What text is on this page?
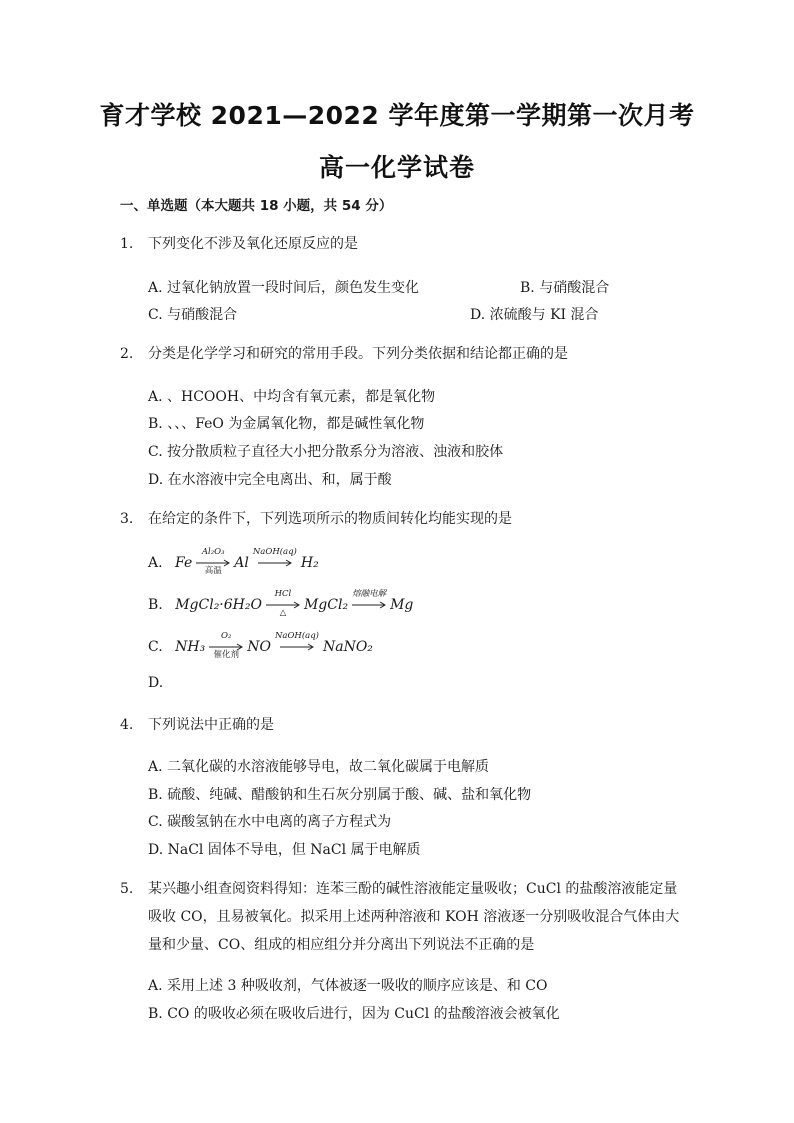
育才学校 2021—2022 学年度第一学期第一次月考
高一化学试卷
一、单选题（本大题共 18 小题，共 54 分）
1.	下列变化不涉及氧化还原反应的是
A. 过氧化钠放置一段时间后，颜色发生变化	B. 与硝酸混合
C. 与硝酸混合	D. 浓硫酸与 KI 混合
2.	分类是化学学习和研究的常用手段。下列分类依据和结论都正确的是
A. 、HCOOH、中均含有氧元素，都是氧化物
B. 、、、FeO 为金属氧化物，都是碱性氧化物
C. 按分散质粒子直径大小把分散系分为溶液、浊液和胶体
D. 在水溶液中完全电离出、和，属于酸
3.	在给定的条件下，下列选项所示的物质间转化均能实现的是
A. Fe
Al₂O₃
高温 Al
NaOH(aq)
H₂
B. MgCl₂·6H₂O
HCl
△ MgCl₂
熔融电解
Mg
C. NH₃
O₂
催化剂 NO
NaOH(aq)
NaNO₂
D.
4.	下列说法中正确的是
A. 二氧化碳的水溶液能够导电，故二氧化碳属于电解质
B. 硫酸、纯碱、醋酸钠和生石灰分别属于酸、碱、盐和氧化物
C. 碳酸氢钠在水中电离的离子方程式为
D. NaCl 固体不导电，但 NaCl 属于电解质
5.	某兴趣小组查阅资料得知：连苯三酚的碱性溶液能定量吸收；CuCl 的盐酸溶液能定量
吸收 CO，且易被氧化。拟采用上述两种溶液和 KOH 溶液逐一分别吸收混合气体由大
量和少量、CO、组成的相应组分并分离出下列说法不正确的是
A. 采用上述 3 种吸收剂，气体被逐一吸收的顺序应该是、和 CO
B. CO 的吸收必须在吸收后进行，因为 CuCl 的盐酸溶液会被氧化
